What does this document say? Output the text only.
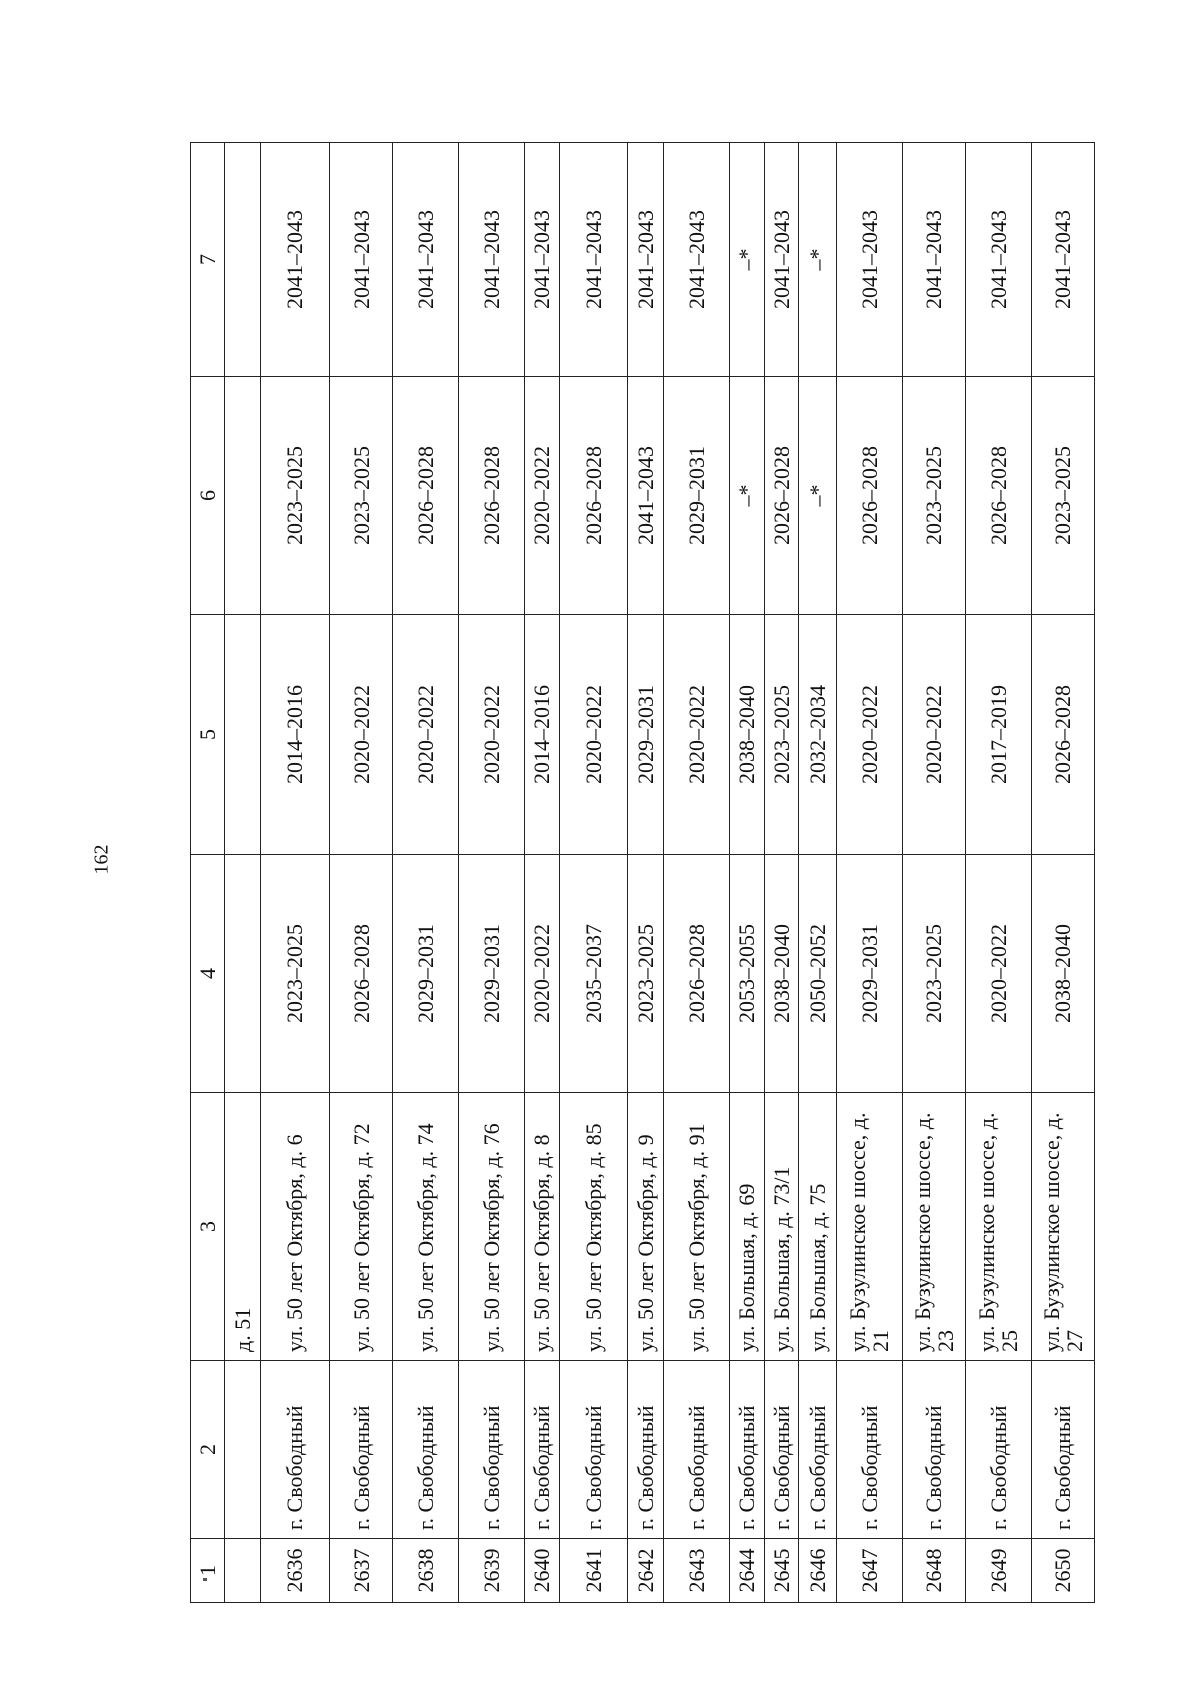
162
1	2	3	4	5	6	7
		д. 51				
2636	г. Свободный	ул. 50 лет Октября, д. 6	2023–2025	2014–2016	2023–2025	2041–2043
2637	г. Свободный	ул. 50 лет Октября, д. 72	2026–2028	2020–2022	2023–2025	2041–2043
2638	г. Свободный	ул. 50 лет Октября, д. 74	2029–2031	2020–2022	2026–2028	2041–2043
2639	г. Свободный	ул. 50 лет Октября, д. 76	2029–2031	2020–2022	2026–2028	2041–2043
2640	г. Свободный	ул. 50 лет Октября, д. 8	2020–2022	2014–2016	2020–2022	2041–2043
2641	г. Свободный	ул. 50 лет Октября, д. 85	2035–2037	2020–2022	2026–2028	2041–2043
2642	г. Свободный	ул. 50 лет Октября, д. 9	2023–2025	2029–2031	2041–2043	2041–2043
2643	г. Свободный	ул. 50 лет Октября, д. 91	2026–2028	2020–2022	2029–2031	2041–2043
2644	г. Свободный	ул. Большая, д. 69	2053–2055	2038–2040	–*	–*
2645	г. Свободный	ул. Большая, д. 73/1	2038–2040	2023–2025	2026–2028	2041–2043
2646	г. Свободный	ул. Большая, д. 75	2050–2052	2032–2034	–*	–*
2647	г. Свободный	ул. Бузулинское шоссе, д. 21	2029–2031	2020–2022	2026–2028	2041–2043
2648	г. Свободный	ул. Бузулинское шоссе, д. 23	2023–2025	2020–2022	2023–2025	2041–2043
2649	г. Свободный	ул. Бузулинское шоссе, д. 25	2020–2022	2017–2019	2026–2028	2041–2043
2650	г. Свободный	ул. Бузулинское шоссе, д. 27	2038–2040	2026–2028	2023–2025	2041–2043
